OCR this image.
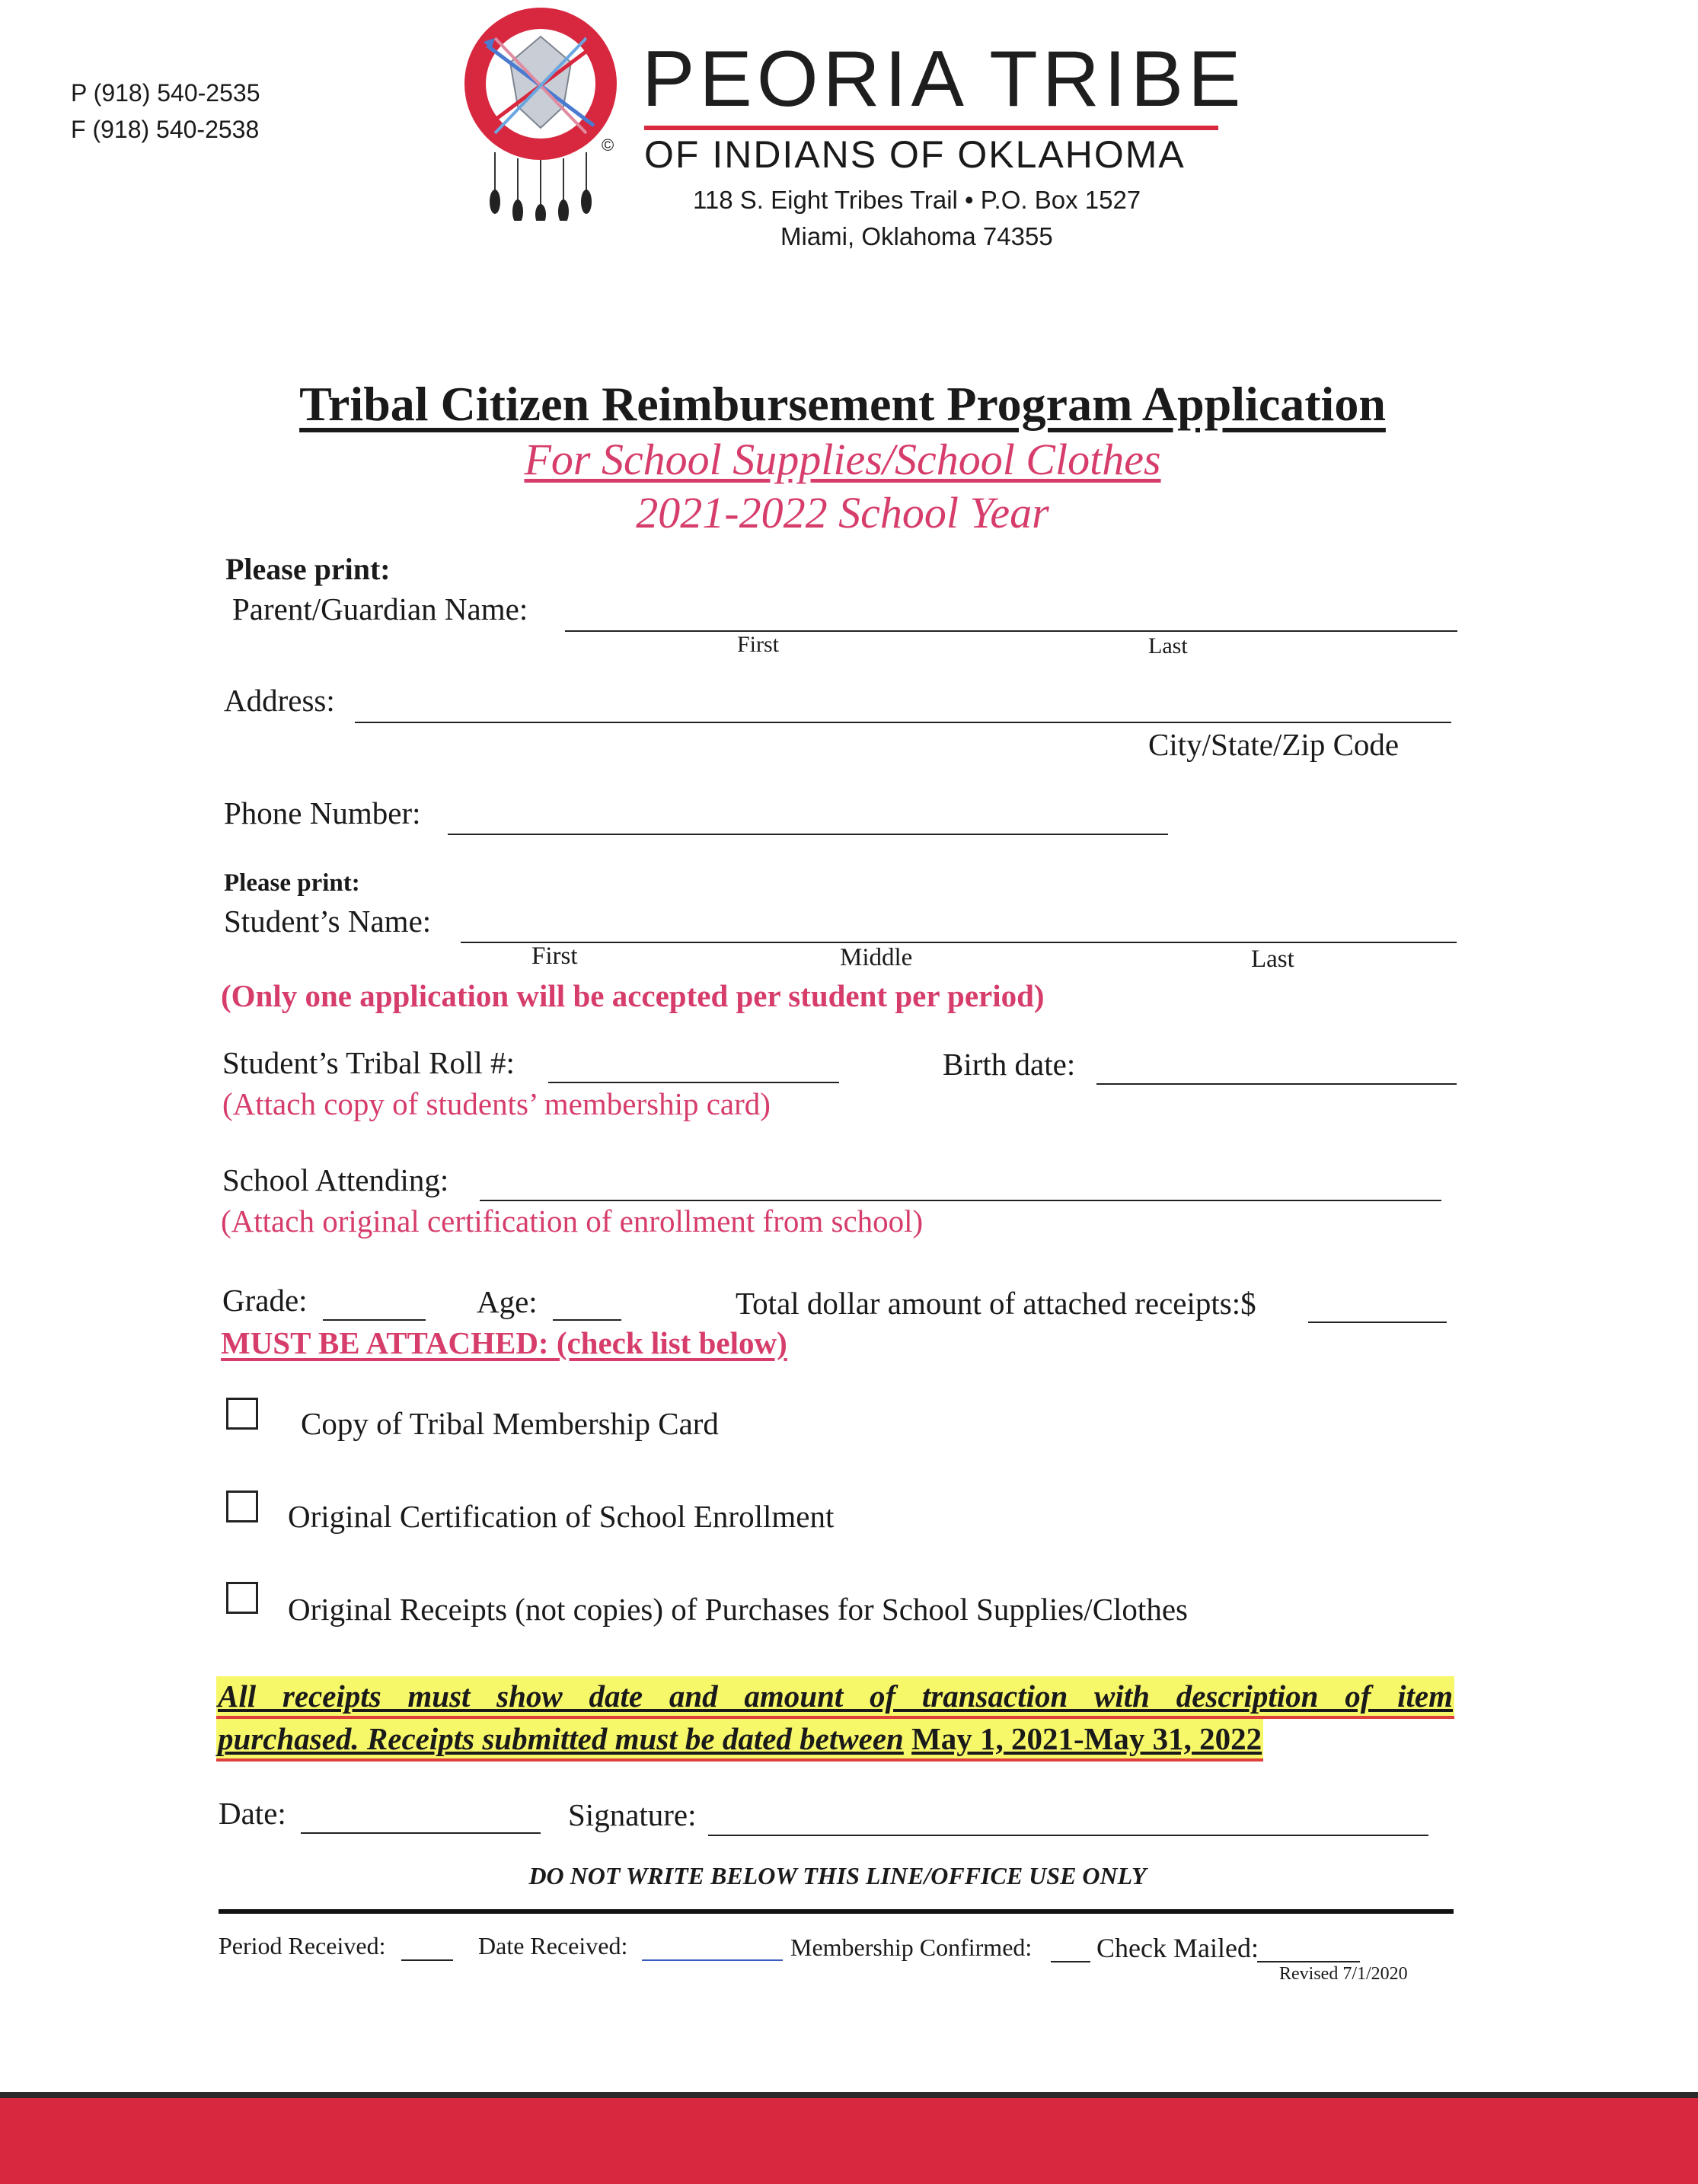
P (918) 540-2535
F (918) 540-2538
©
PEORIA TRIBE
OF INDIANS OF OKLAHOMA
118 S. Eight Tribes Trail • P.O. Box 1527
Miami, Oklahoma 74355
Tribal Citizen Reimbursement Program Application
For School Supplies/School Clothes
2021-2022 School Year
Please print:
Parent/Guardian Name:
First	Last
Address:
City/State/Zip Code
Phone Number:
Please print:
Student’s Name:
First	Middle	Last
(Only one application will be accepted per student per period)
Student’s Tribal Roll #:	Birth date:
(Attach copy of students’ membership card)
School Attending:
(Attach original certification of enrollment from school)
Grade:	Age:	Total dollar amount of attached receipts:$
MUST BE ATTACHED: (check list below)
Copy of Tribal Membership Card
Original Certification of School Enrollment
Original Receipts (not copies) of Purchases for School Supplies/Clothes
All receipts must show date and amount of transaction with description of item
purchased. Receipts submitted must be dated between May 1, 2021-May 31, 2022
Date:	Signature:
DO NOT WRITE BELOW THIS LINE/OFFICE USE ONLY
Period Received:	Date Received:	Membership Confirmed: Check Mailed:
Revised 7/1/2020
